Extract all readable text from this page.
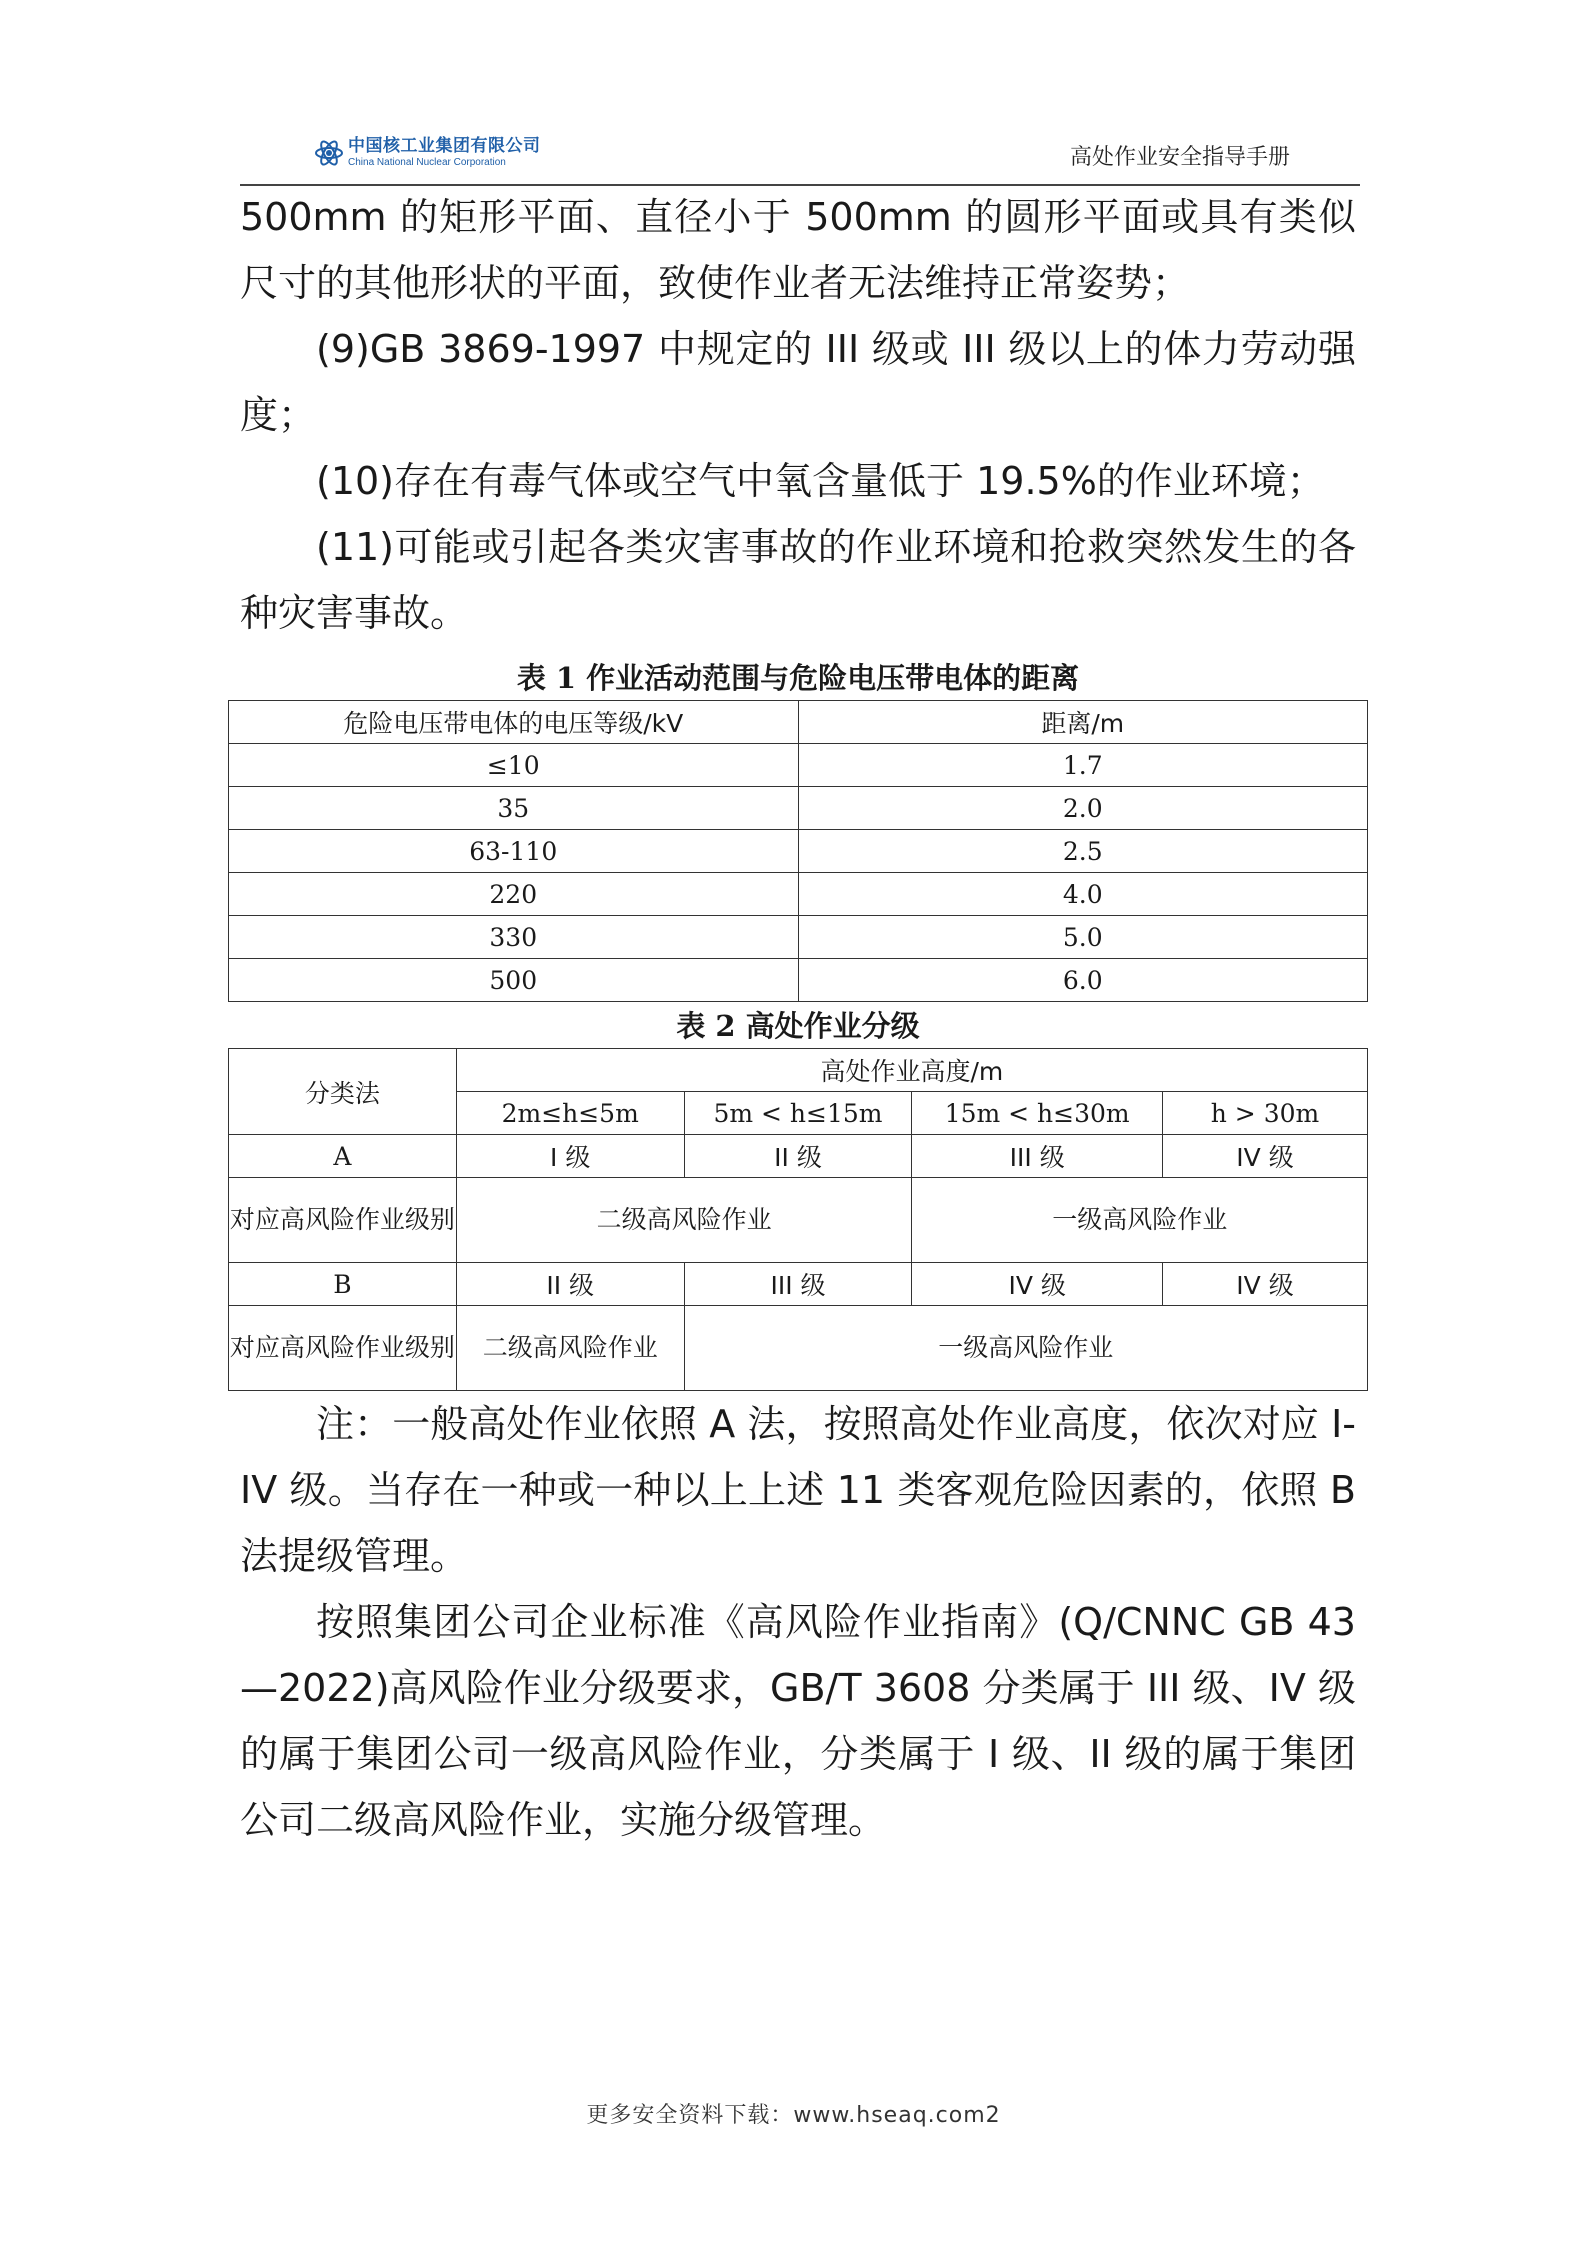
中国核工业集团有限公司
China National Nuclear Corporation	高处作业安全指导手册

500mm 的矩形平面、直径小于 500mm 的圆形平面或具有类似尺寸的其他形状的平面，致使作业者无法维持正常姿势；

(9)GB 3869-1997 中规定的 III 级或 III 级以上的体力劳动强度；

(10)存在有毒气体或空气中氧含量低于 19.5%的作业环境；

(11)可能或引起各类灾害事故的作业环境和抢救突然发生的各种灾害事故。

表 1 作业活动范围与危险电压带电体的距离

危险电压带电体的电压等级/kV	距离/m
≤10	1.7
35	2.0
63-110	2.5
220	4.0
330	5.0
500	6.0

表 2 高处作业分级

分类法	高处作业高度/m			
	2m≤h≤5m	5m < h≤15m	15m < h≤30m	h > 30m
A	I 级	II 级	III 级	IV 级
对应高风险作业级别	二级高风险作业		一级高风险作业	
B	II 级	III 级	IV 级	IV 级
对应高风险作业级别	二级高风险作业	一级高风险作业		

注：一般高处作业依照 A 法，按照高处作业高度，依次对应 I-IV 级。当存在一种或一种以上上述 11 类客观危险因素的，依照 B 法提级管理。

按照集团公司企业标准《高风险作业指南》(Q/CNNC GB 43—2022)高风险作业分级要求，GB/T 3608 分类属于 III 级、IV 级的属于集团公司一级高风险作业，分类属于 I 级、II 级的属于集团公司二级高风险作业，实施分级管理。

更多安全资料下载：www.hseaq.com2
